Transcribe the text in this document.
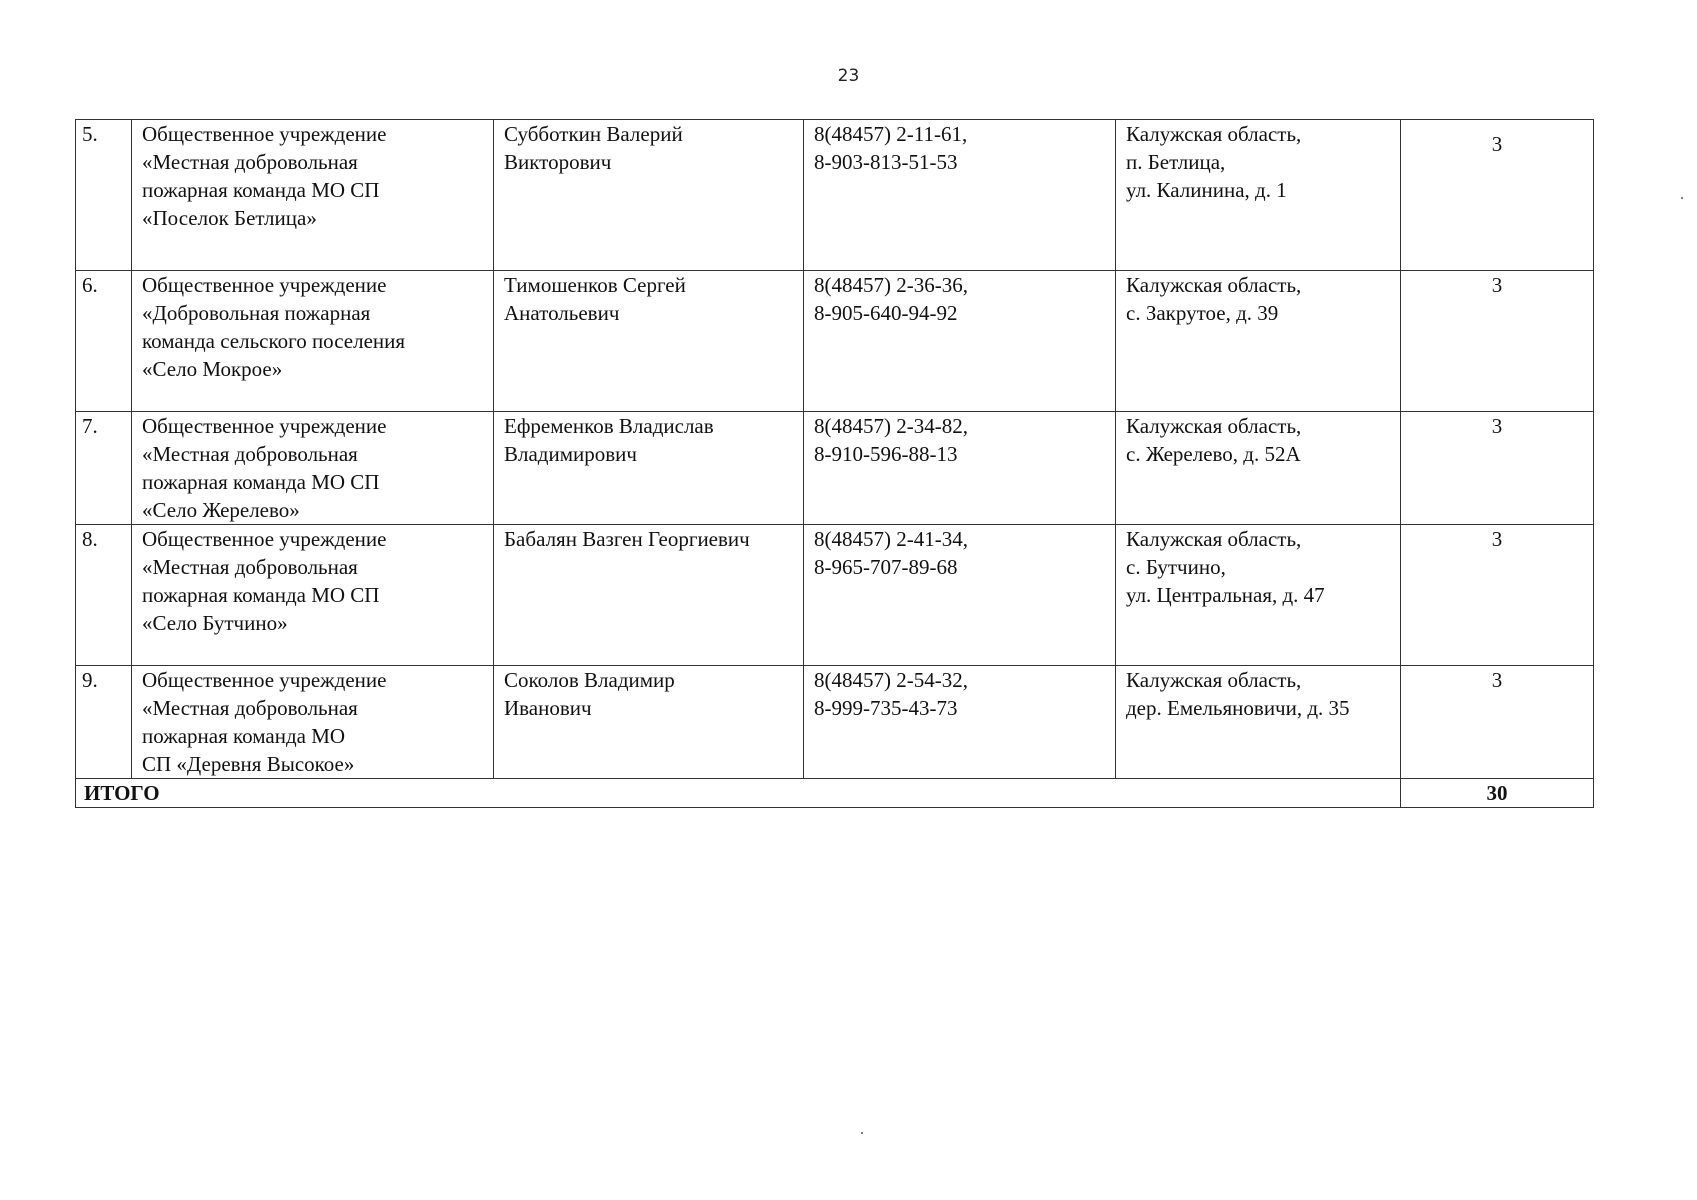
23
5.	Общественное учреждение
«Местная добровольная
пожарная команда МО СП
«Поселок Бетлица»	Субботкин Валерий
Викторович	8(48457) 2-11-61,
8-903-813-51-53	Калужская область,
п. Бетлица,
ул. Калинина, д. 1	3
6.	Общественное учреждение
«Добровольная пожарная
команда сельского поселения
«Село Мокрое»	Тимошенков Сергей
Анатольевич	8(48457) 2-36-36,
8-905-640-94-92	Калужская область,
с. Закрутое, д. 39	3
7.	Общественное учреждение
«Местная добровольная
пожарная команда МО СП
«Село Жерелево»	Ефременков Владислав
Владимирович	8(48457) 2-34-82,
8-910-596-88-13	Калужская область,
с. Жерелево, д. 52А	3
8.	Общественное учреждение
«Местная добровольная
пожарная команда МО СП
«Село Бутчино»	Бабалян Вазген Георгиевич	8(48457) 2-41-34,
8-965-707-89-68	Калужская область,
с. Бутчино,
ул. Центральная, д. 47	3
9.	Общественное учреждение
«Местная добровольная
пожарная команда МО
СП «Деревня Высокое»	Соколов Владимир
Иванович	8(48457) 2-54-32,
8-999-735-43-73	Калужская область,
дер. Емельяновичи, д. 35	3
ИТОГО					30
